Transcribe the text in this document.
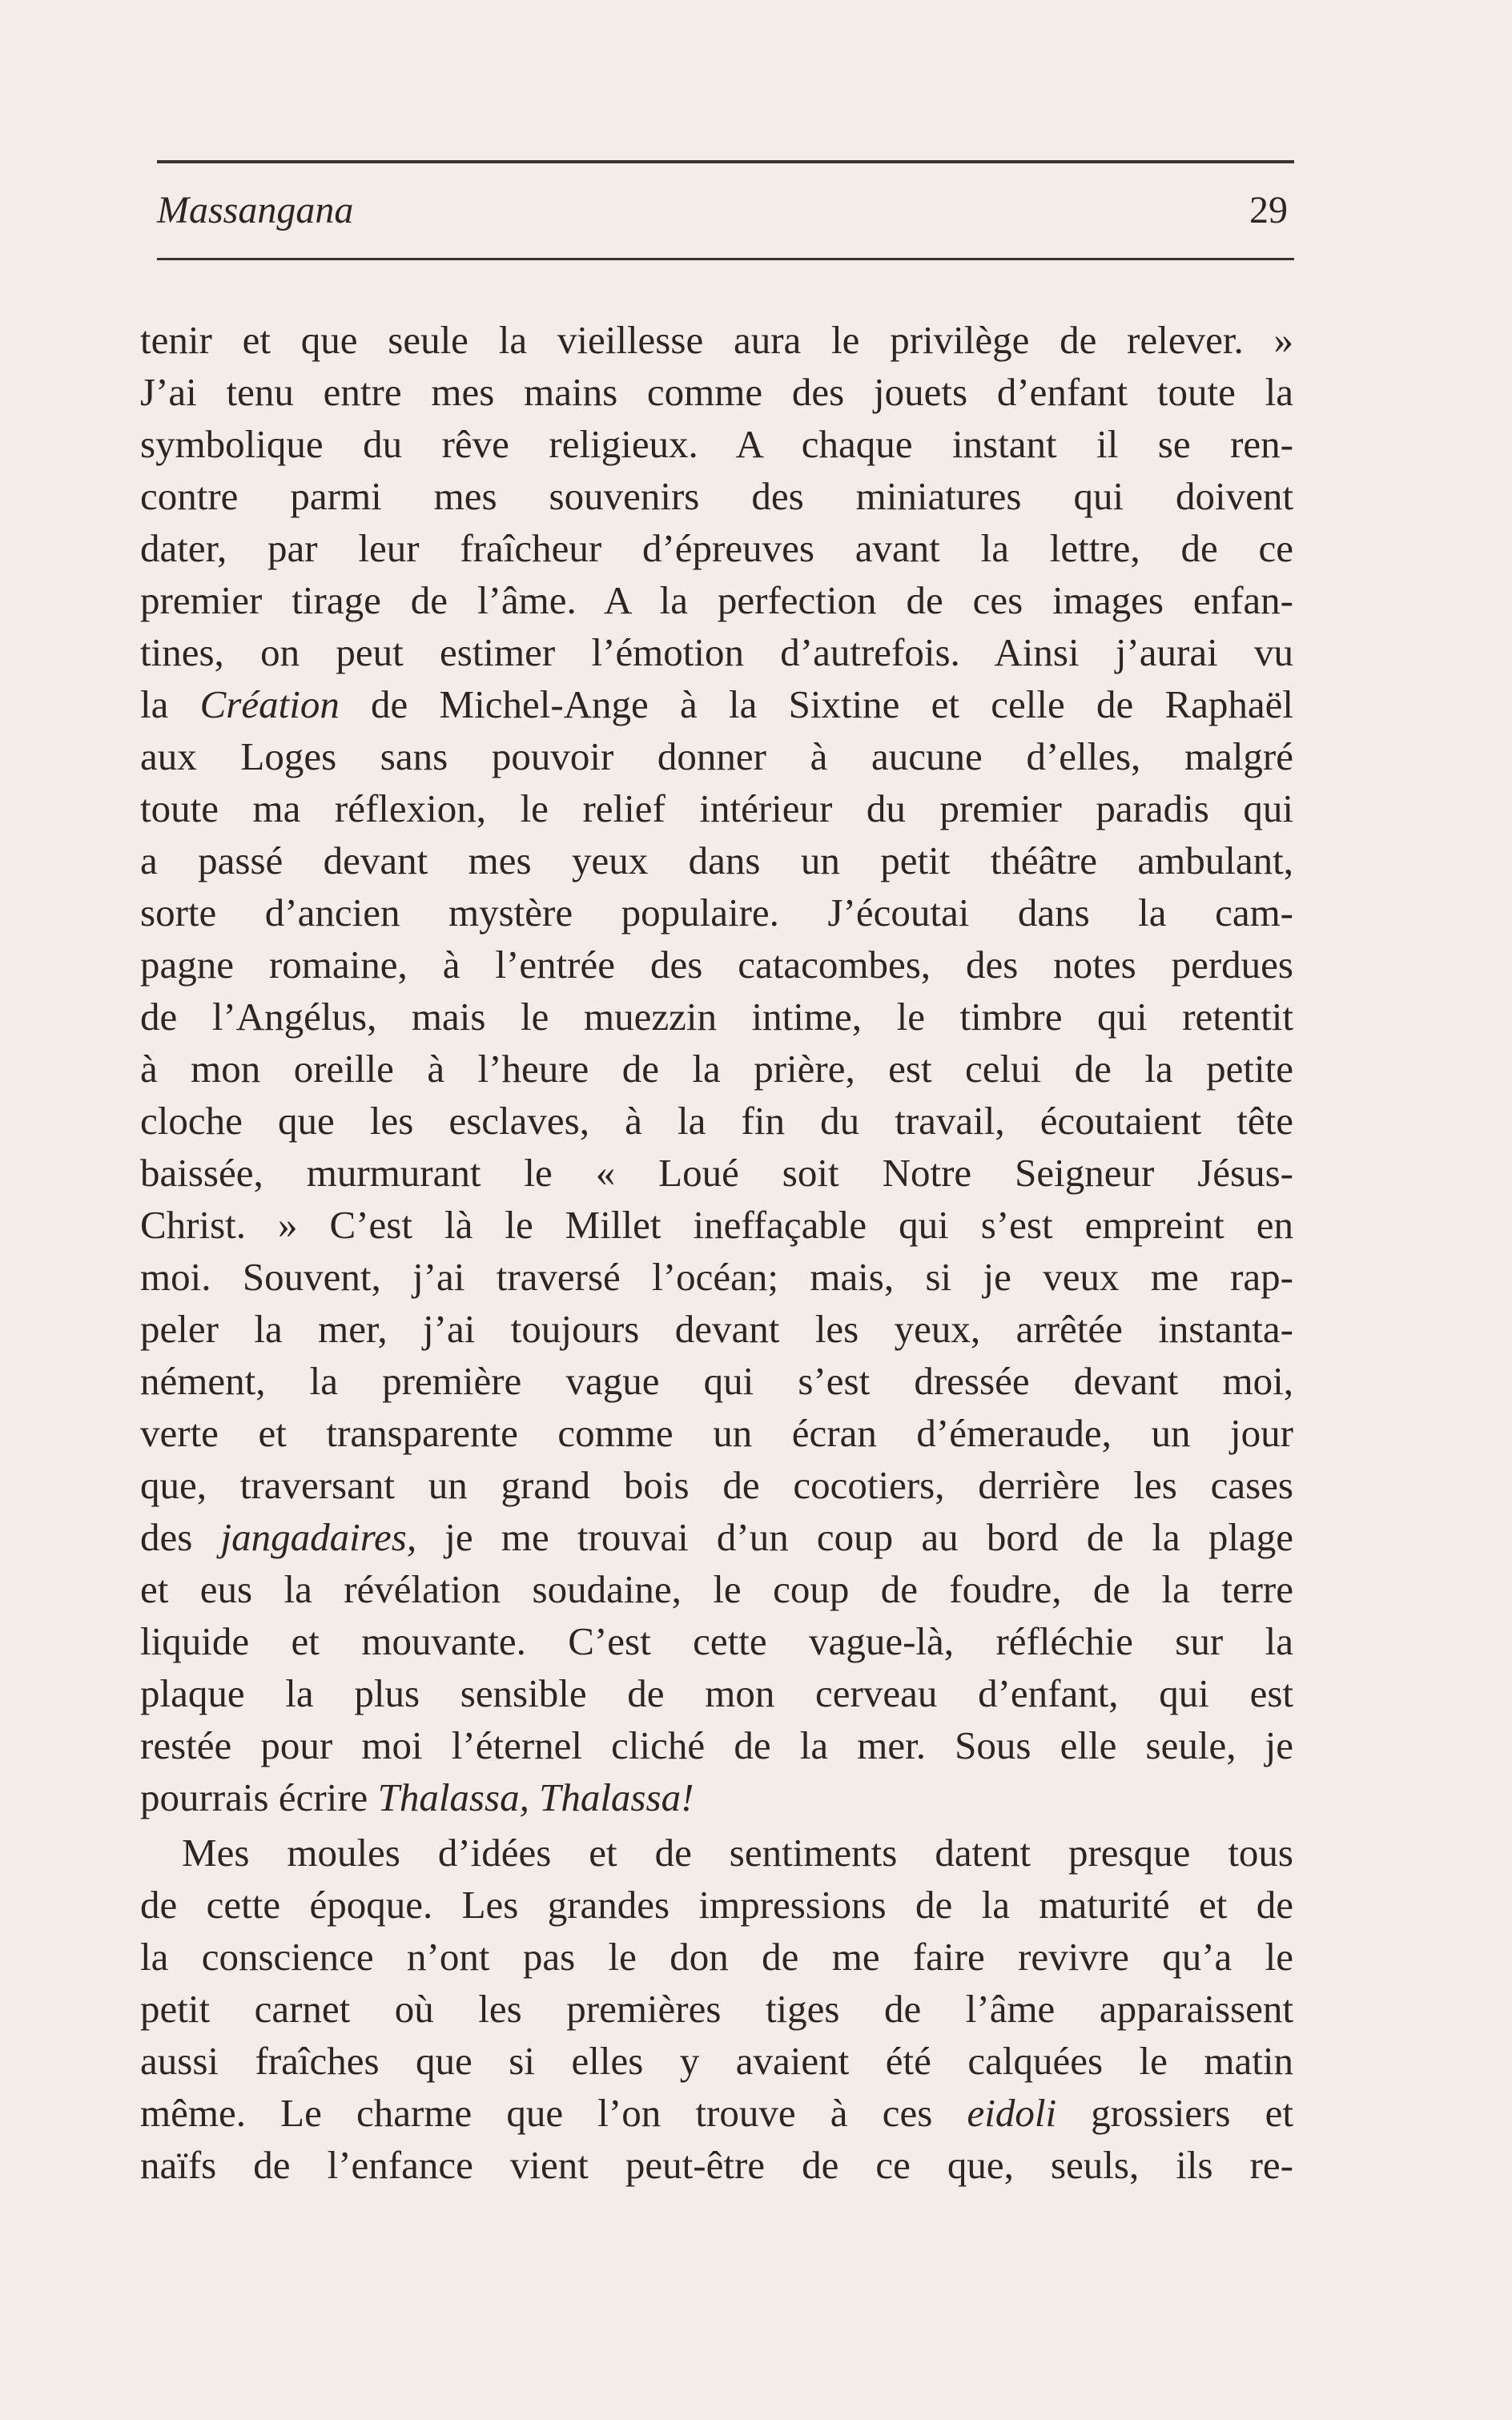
Massangana	29
tenir et que seule la vieillesse aura le privilège de relever. »
J’ai tenu entre mes mains comme des jouets d’enfant toute la
symbolique du rêve religieux. A chaque instant il se ren-
contre parmi mes souvenirs des miniatures qui doivent
dater, par leur fraîcheur d’épreuves avant la lettre, de ce
premier tirage de l’âme. A la perfection de ces images enfan-
tines, on peut estimer l’émotion d’autrefois. Ainsi j’aurai vu
la Création de Michel-Ange à la Sixtine et celle de Raphaël
aux Loges sans pouvoir donner à aucune d’elles, malgré
toute ma réflexion, le relief intérieur du premier paradis qui
a passé devant mes yeux dans un petit théâtre ambulant,
sorte d’ancien mystère populaire. J’écoutai dans la cam-
pagne romaine, à l’entrée des catacombes, des notes perdues
de l’Angélus, mais le muezzin intime, le timbre qui retentit
à mon oreille à l’heure de la prière, est celui de la petite
cloche que les esclaves, à la fin du travail, écoutaient tête
baissée, murmurant le « Loué soit Notre Seigneur Jésus-
Christ. » C’est là le Millet ineffaçable qui s’est empreint en
moi. Souvent, j’ai traversé l’océan; mais, si je veux me rap-
peler la mer, j’ai toujours devant les yeux, arrêtée instanta-
nément, la première vague qui s’est dressée devant moi,
verte et transparente comme un écran d’émeraude, un jour
que, traversant un grand bois de cocotiers, derrière les cases
des jangadaires, je me trouvai d’un coup au bord de la plage
et eus la révélation soudaine, le coup de foudre, de la terre
liquide et mouvante. C’est cette vague-là, réfléchie sur la
plaque la plus sensible de mon cerveau d’enfant, qui est
restée pour moi l’éternel cliché de la mer. Sous elle seule, je
pourrais écrire Thalassa, Thalassa!
Mes moules d’idées et de sentiments datent presque tous
de cette époque. Les grandes impressions de la maturité et de
la conscience n’ont pas le don de me faire revivre qu’a le
petit carnet où les premières tiges de l’âme apparaissent
aussi fraîches que si elles y avaient été calquées le matin
même. Le charme que l’on trouve à ces eidoli grossiers et
naïfs de l’enfance vient peut-être de ce que, seuls, ils re-
